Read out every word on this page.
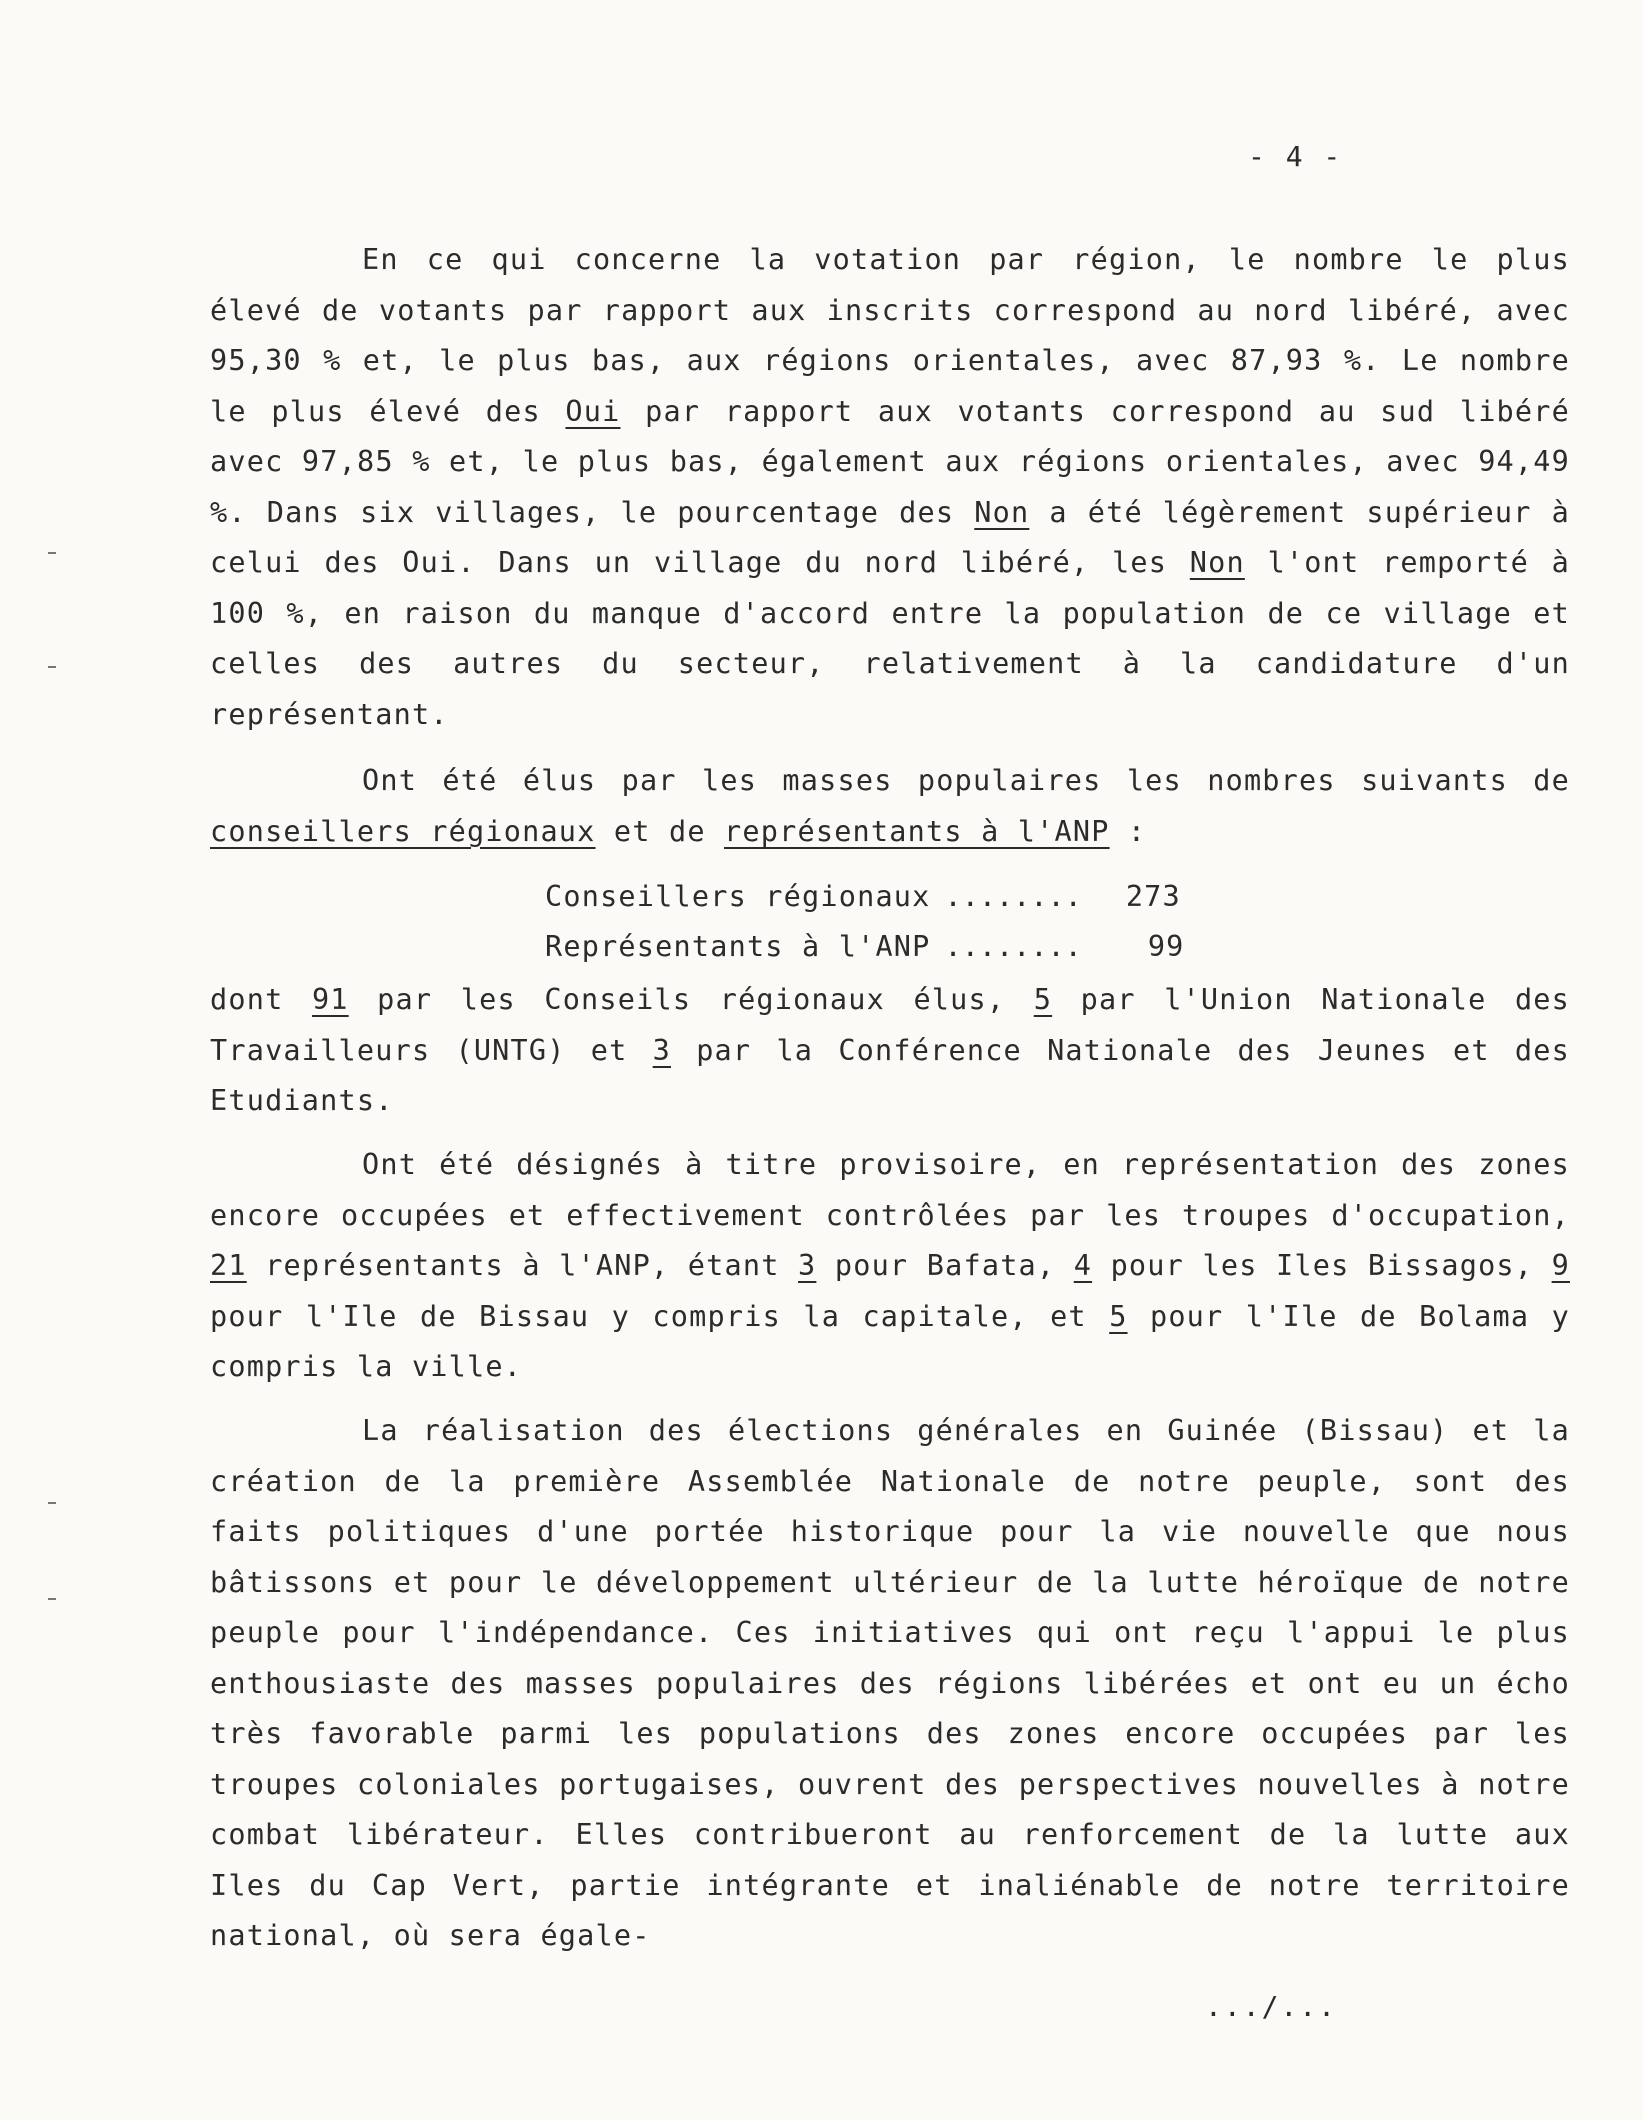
- 4 -

En ce qui concerne la votation par région, le nombre le plus élevé de votants par rapport aux inscrits correspond au nord libéré, avec 95,30 % et, le plus bas, aux régions orientales, avec 87,93 %. Le nombre le plus élevé des Oui par rapport aux votants correspond au sud libéré avec 97,85 % et, le plus bas, également aux régions orientales, avec 94,49 %. Dans six villages, le pourcentage des Non a été légèrement supérieur à celui des Oui. Dans un village du nord libéré, les Non l'ont remporté à 100 %, en raison du manque d'accord entre la population de ce village et celles des autres du secteur, relativement à la candidature d'un représentant.

Ont été élus par les masses populaires les nombres suivants de conseillers régionaux et de représentants à l'ANP :

Conseillers régionaux ........ 273
Représentants à l'ANP ........ 99

dont 91 par les Conseils régionaux élus, 5 par l'Union Nationale des Travailleurs (UNTG) et 3 par la Conférence Nationale des Jeunes et des Etudiants.

Ont été désignés à titre provisoire, en représentation des zones encore occupées et effectivement contrôlées par les troupes d'occupation, 21 représentants à l'ANP, étant 3 pour Bafata, 4 pour les Iles Bissagos, 9 pour l'Ile de Bissau y compris la capitale, et 5 pour l'Ile de Bolama y compris la ville.

La réalisation des élections générales en Guinée (Bissau) et la création de la première Assemblée Nationale de notre peuple, sont des faits politiques d'une portée historique pour la vie nouvelle que nous bâtissons et pour le développement ultérieur de la lutte héroïque de notre peuple pour l'indépendance. Ces initiatives qui ont reçu l'appui le plus enthousiaste des masses populaires des régions libérées et ont eu un écho très favorable parmi les populations des zones encore occupées par les troupes coloniales portugaises, ouvrent des perspectives nouvelles à notre combat libérateur. Elles contribueront au renforcement de la lutte aux Iles du Cap Vert, partie intégrante et inaliénable de notre territoire national, où sera égale-

.../...
